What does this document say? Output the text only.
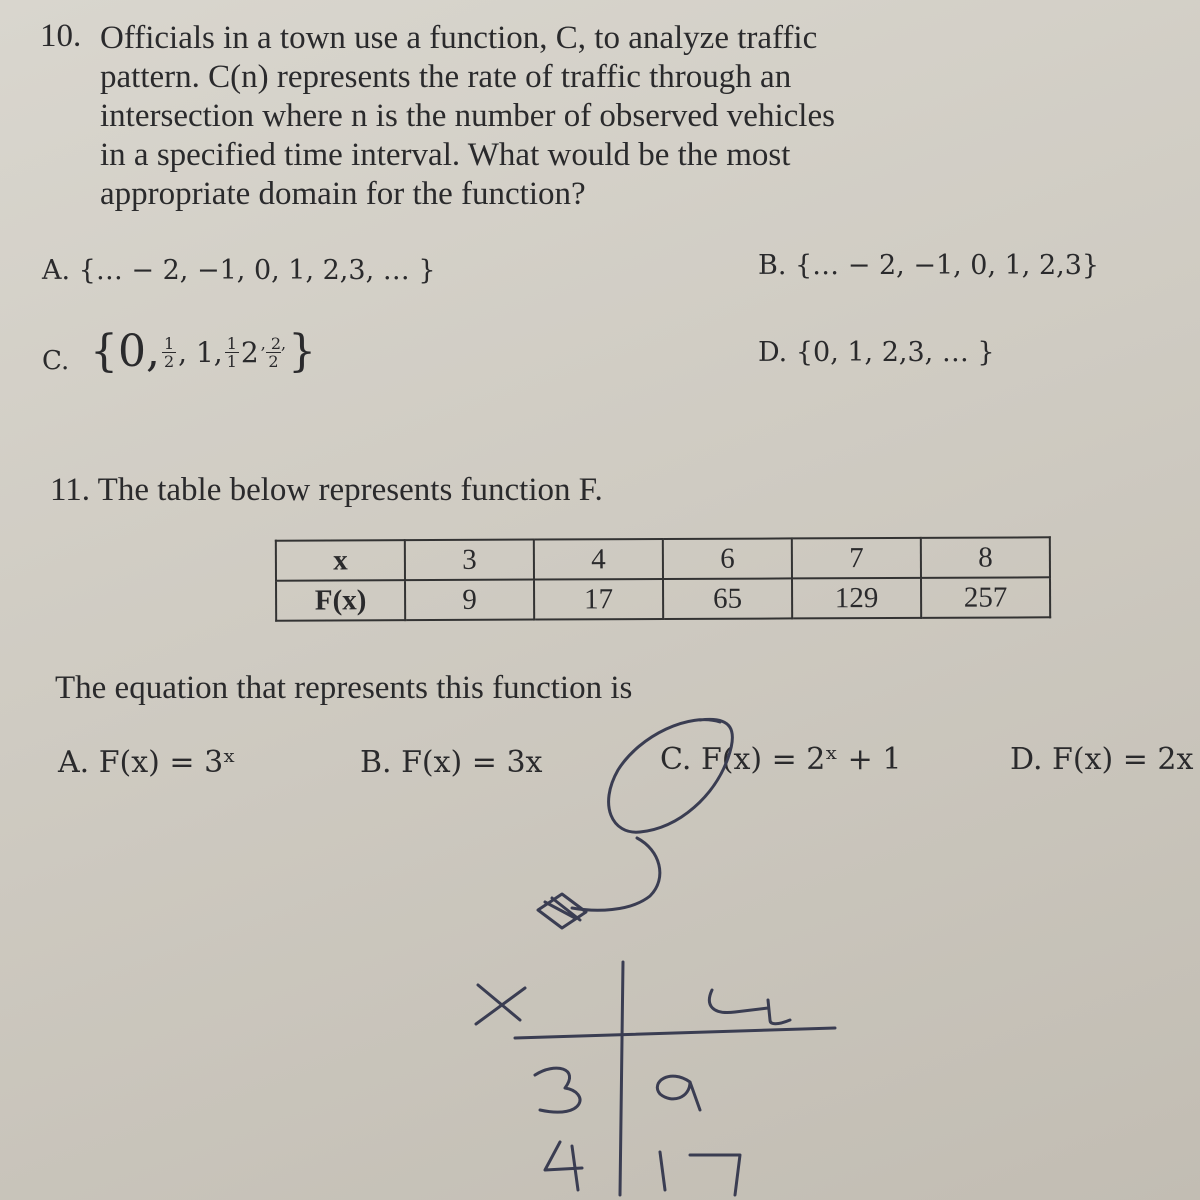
10. Officials in a town use a function, C, to analyze traffic
pattern. C(n) represents the rate of traffic through an
intersection where n is the number of observed vehicles
in a specified time interval. What would be the most
appropriate domain for the function?
A. {… − 2, −1, 0, 1, 2,3, … }	B. {… − 2, −1, 0, 1, 2,3}
C. {0, $\frac{1}{2}$ , 1, $\frac{1}{1} 2 \frac{, 2,}{2}$ }	D. {0, 1, 2,3, … }
11. The table below represents function F.
x	3	4	6	7	8
F(x)	9	17	65	129	257
The equation that represents this function is
A. F(x) = 3ˣ	B. F(x) = 3x	C. F(x) = 2ˣ + 1	D. F(x) = 2x
